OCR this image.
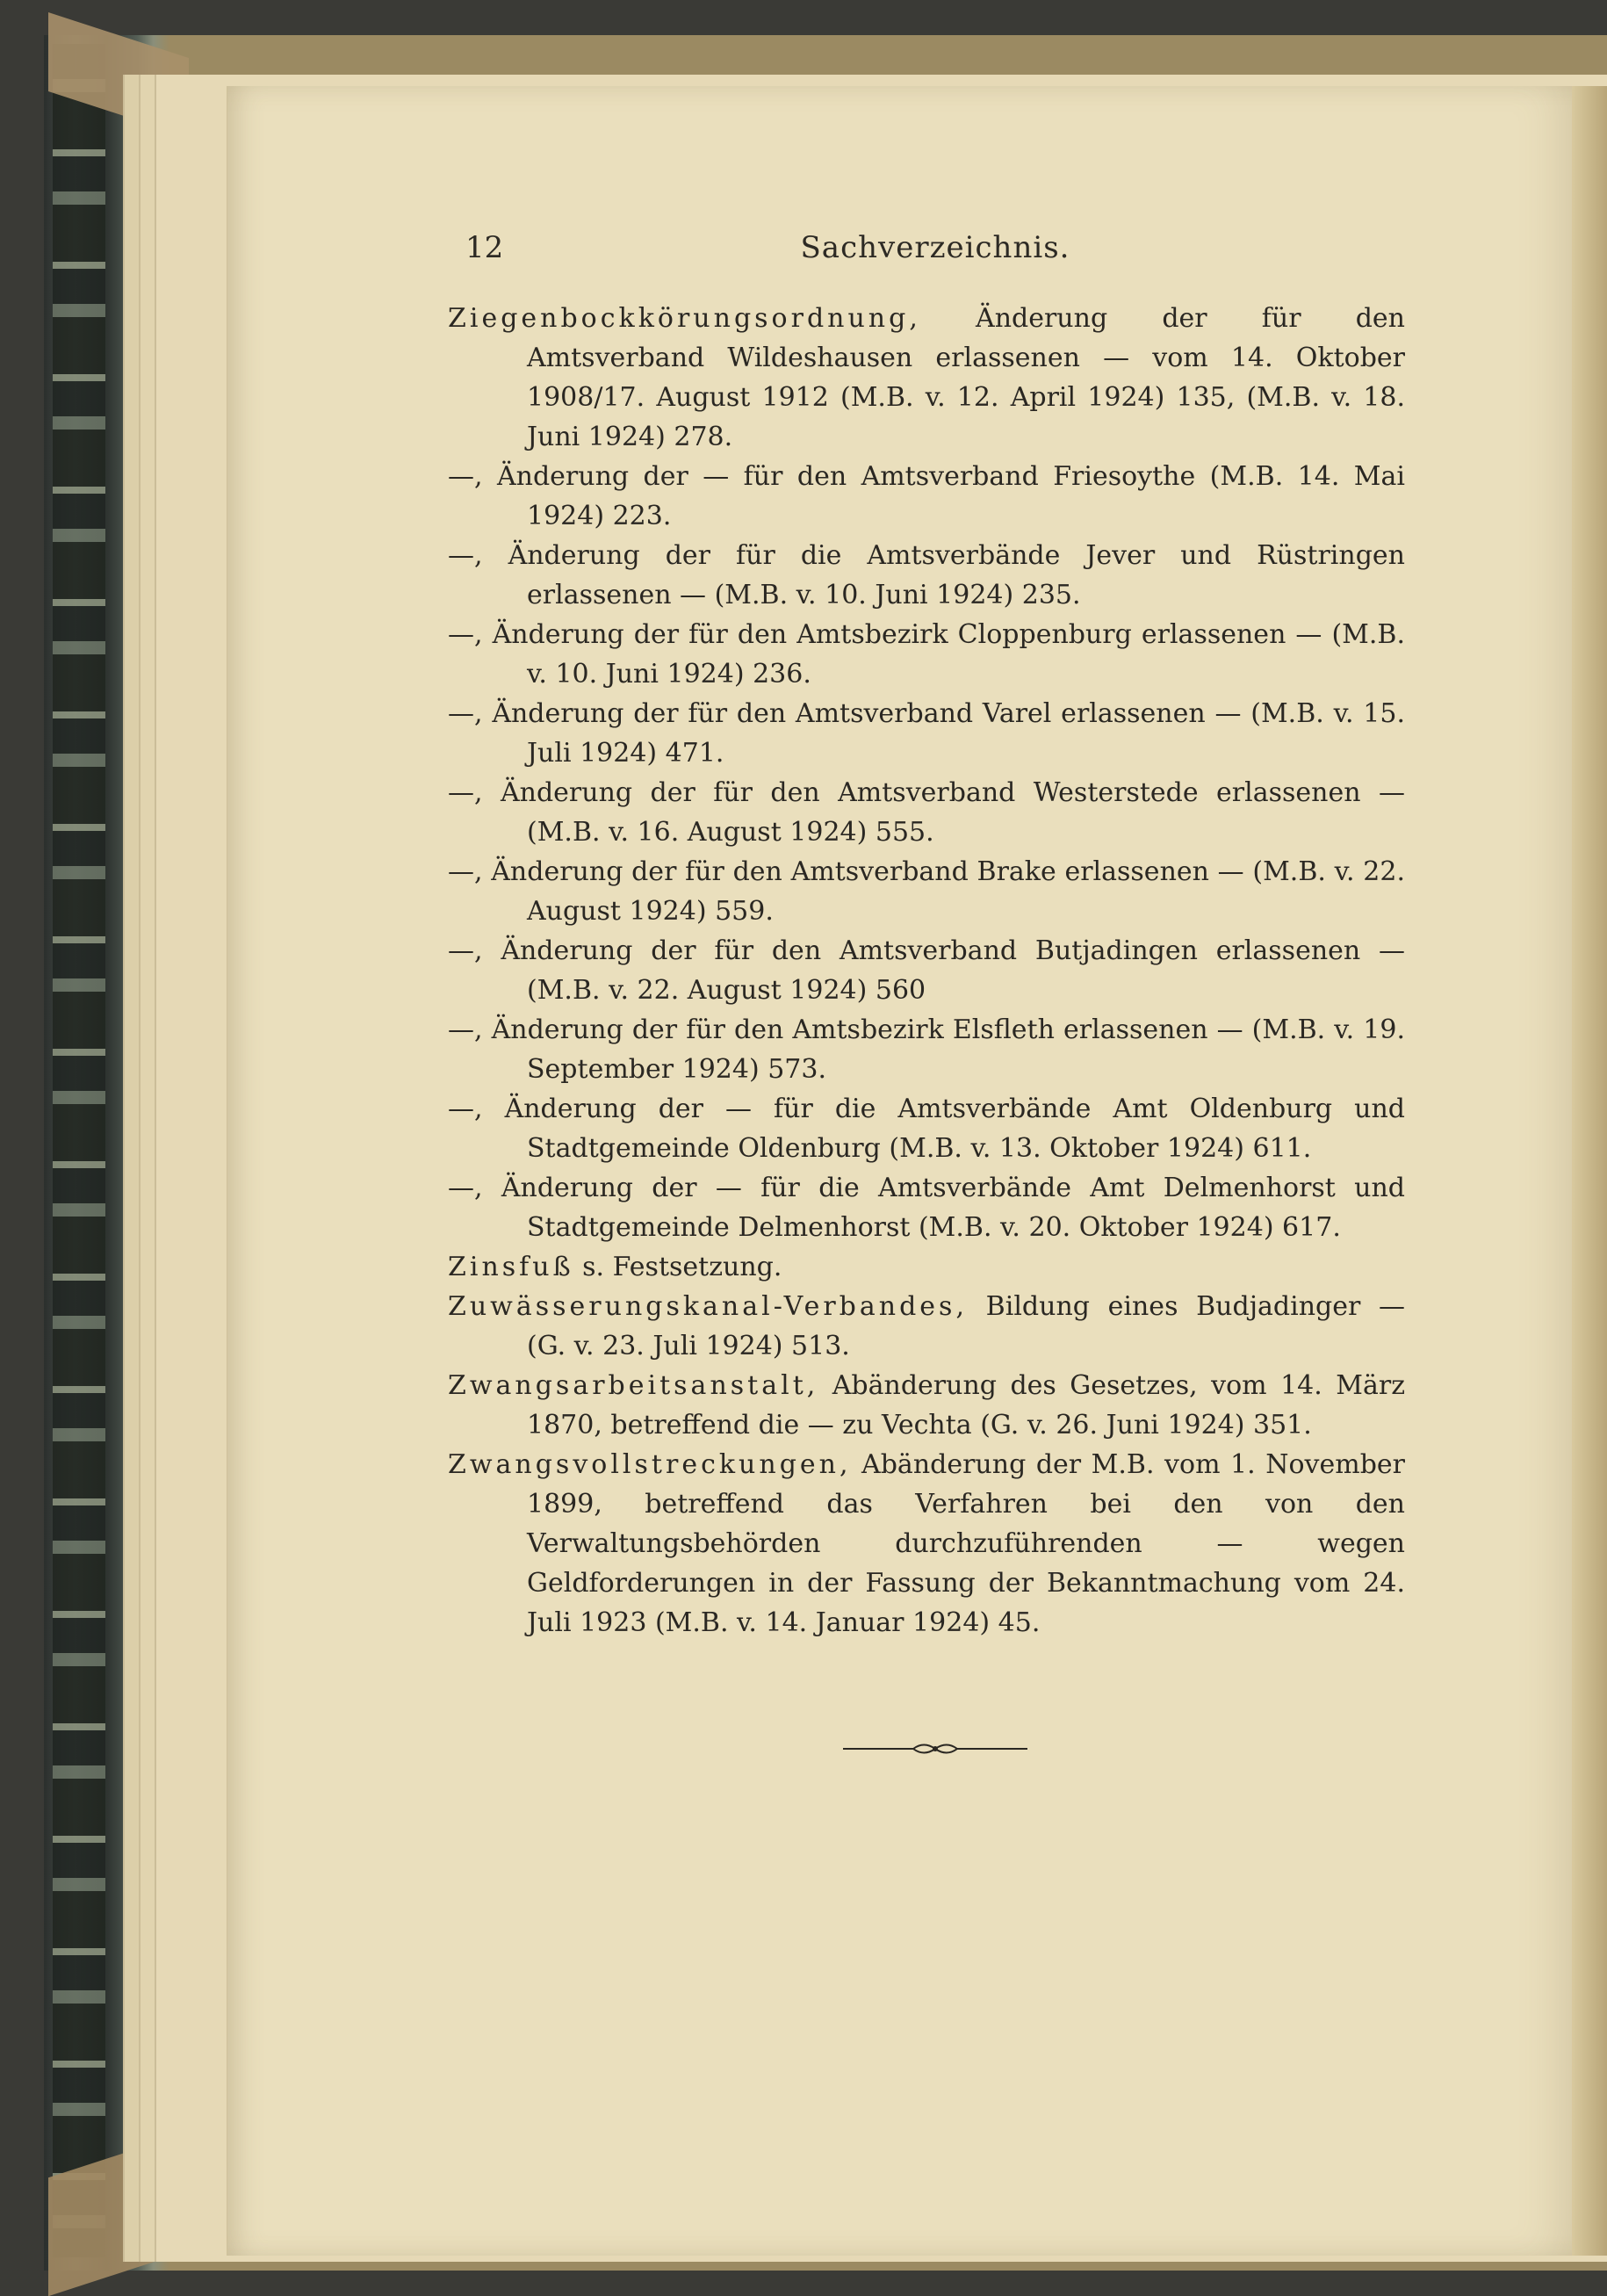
Sachverzeichnis.
12

Ziegenbockkörungsordnung, Änderung der für den Amtsverband Wildeshausen erlassenen — vom 14. Oktober 1908/17. August 1912 (M.B. v. 12. April 1924) 135, (M.B. v. 18. Juni 1924) 278.

—, Änderung der — für den Amtsverband Friesoythe (M.B. 14. Mai 1924) 223.

—, Änderung der für die Amtsverbände Jever und Rüstringen erlassenen — (M.B. v. 10. Juni 1924) 235.

—, Änderung der für den Amtsbezirk Cloppenburg erlassenen — (M.B. v. 10. Juni 1924) 236.

—, Änderung der für den Amtsverband Varel erlassenen — (M.B. v. 15. Juli 1924) 471.

—, Änderung der für den Amtsverband Westerstede erlassenen — (M.B. v. 16. August 1924) 555.

—, Änderung der für den Amtsverband Brake erlassenen — (M.B. v. 22. August 1924) 559.

—, Änderung der für den Amtsverband Butjadingen erlassenen — (M.B. v. 22. August 1924) 560

—, Änderung der für den Amtsbezirk Elsfleth erlassenen — (M.B. v. 19. September 1924) 573.

—, Änderung der — für die Amtsverbände Amt Oldenburg und Stadtgemeinde Oldenburg (M.B. v. 13. Oktober 1924) 611.

—, Änderung der — für die Amtsverbände Amt Delmenhorst und Stadtgemeinde Delmenhorst (M.B. v. 20. Oktober 1924) 617.

Zinsfuß s. Festsetzung.

Zuwässerungskanal-Verbandes, Bildung eines Budjadinger — (G. v. 23. Juli 1924) 513.

Zwangsarbeitsanstalt, Abänderung des Gesetzes, vom 14. März 1870, betreffend die — zu Vechta (G. v. 26. Juni 1924) 351.

Zwangsvollstreckungen, Abänderung der M.B. vom 1. November 1899, betreffend das Verfahren bei den von den Verwaltungsbehörden durchzuführenden — wegen Geldforderungen in der Fassung der Bekanntmachung vom 24. Juli 1923 (M.B. v. 14. Januar 1924) 45.
